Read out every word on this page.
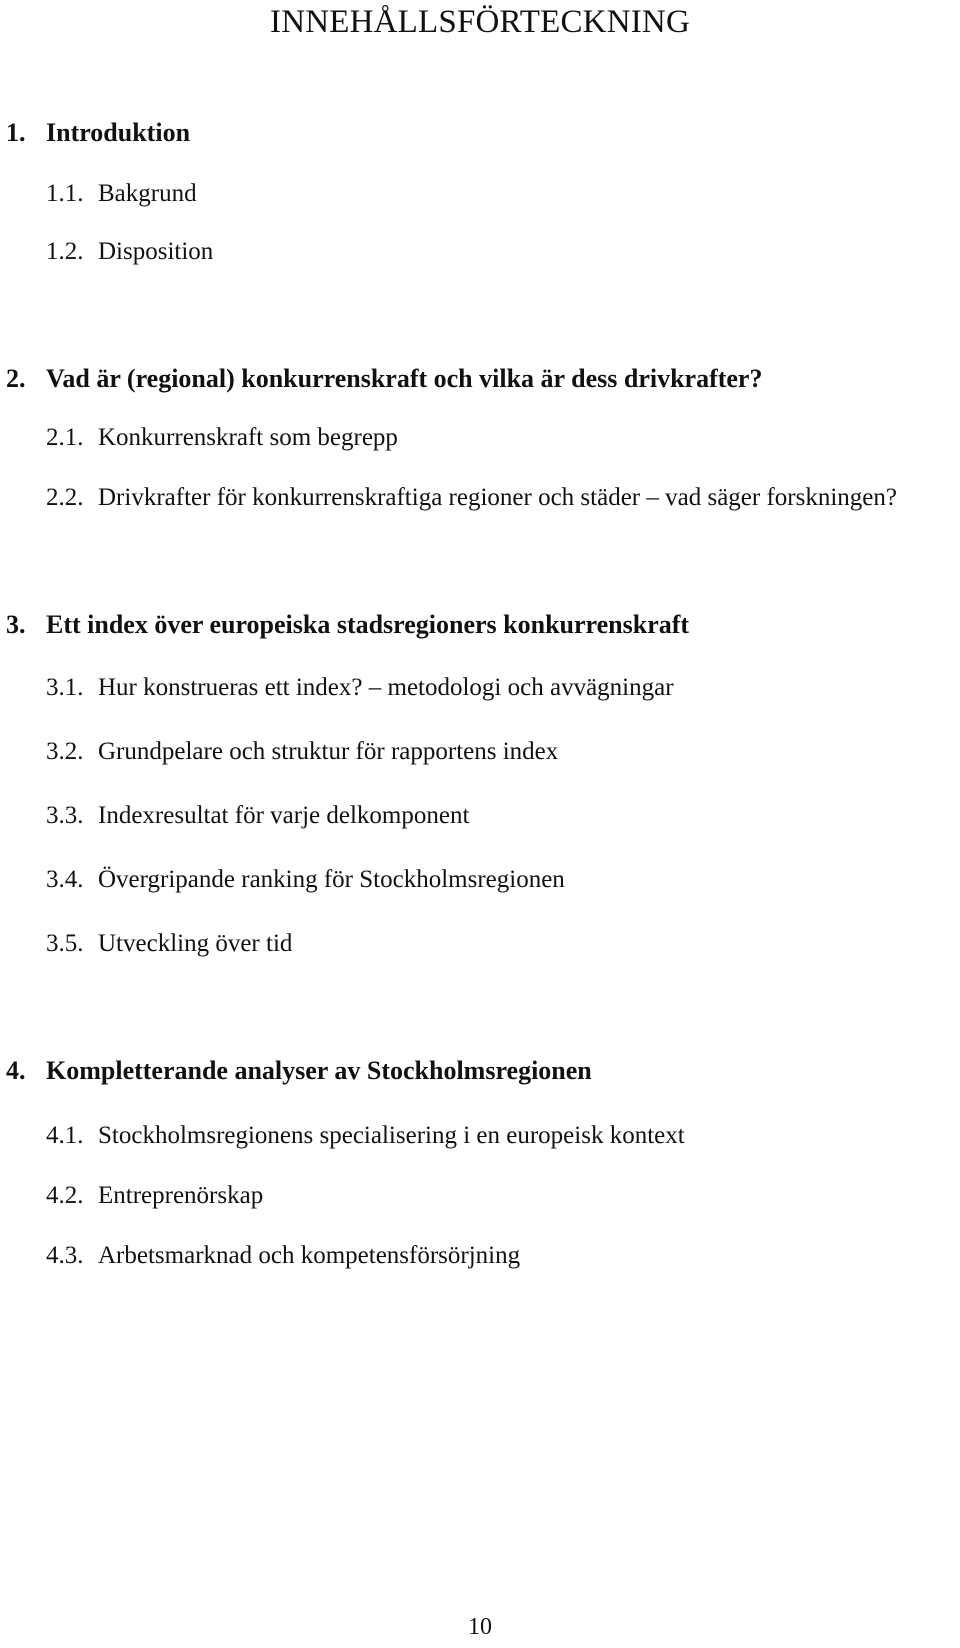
INNEHÅLLSFÖRTECKNING
1. Introduktion
1.1. Bakgrund
1.2. Disposition
2. Vad är (regional) konkurrenskraft och vilka är dess drivkrafter?
2.1. Konkurrenskraft som begrepp
2.2. Drivkrafter för konkurrenskraftiga regioner och städer – vad säger forskningen?
3. Ett index över europeiska stadsregioners konkurrenskraft
3.1. Hur konstrueras ett index? – metodologi och avvägningar
3.2. Grundpelare och struktur för rapportens index
3.3. Indexresultat för varje delkomponent
3.4. Övergripande ranking för Stockholmsregionen
3.5. Utveckling över tid
4. Kompletterande analyser av Stockholmsregionen
4.1. Stockholmsregionens specialisering i en europeisk kontext
4.2. Entreprenörskap
4.3. Arbetsmarknad och kompetensförsörjning
10
